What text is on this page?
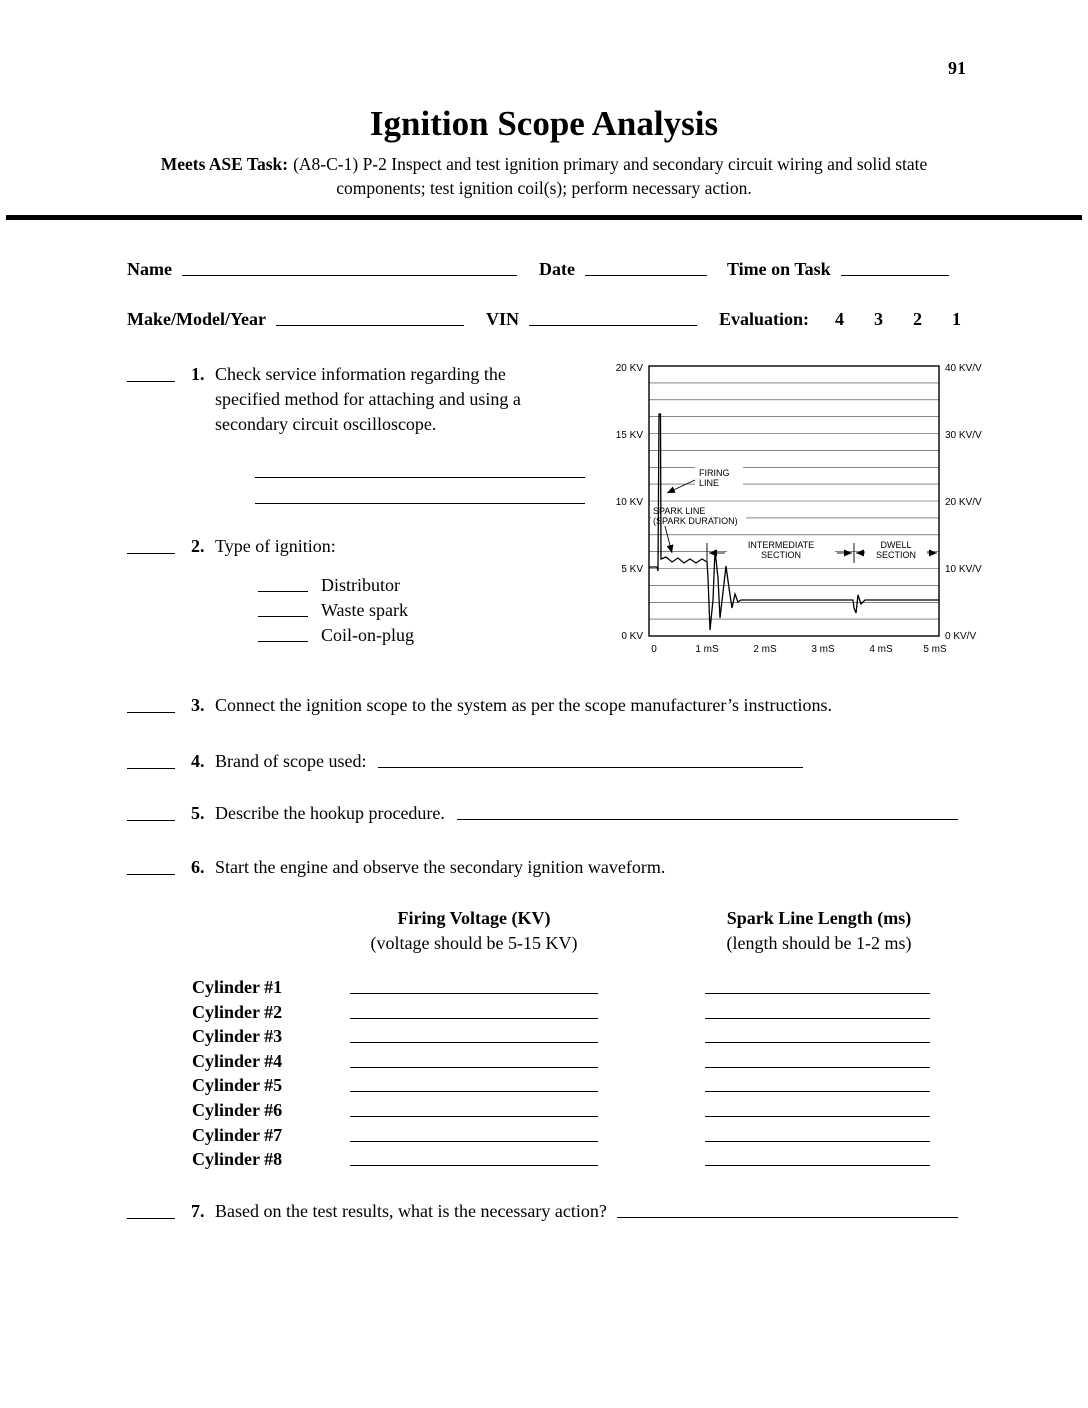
91
Ignition Scope Analysis

Meets ASE Task: (A8-C-1) P-2 Inspect and test ignition primary and secondary circuit wiring and solid state components; test ignition coil(s); perform necessary action.

Name	Date	Time on Task
Make/Model/Year	VIN	Evaluation: 4 3 2 1
1. Check service information regarding the specified method for attaching and using a secondary circuit oscilloscope.
2. Type of ignition:
Distributor
Waste spark
Coil-on-plug
FIRING
LINE
SPARK LINE
(SPARK DURATION)
INTERMEDIATE
SECTION
DWELL
SECTION
20 KV
15 KV
10 KV
5 KV
0 KV
40 KV/V
30 KV/V
20 KV/V
10 KV/V
0 KV/V
0	1 mS	2 mS	3 mS	4 mS	5 mS
3. Connect the ignition scope to the system as per the scope manufacturer’s instructions.
4. Brand of scope used:
5. Describe the hookup procedure.
6. Start the engine and observe the secondary ignition waveform.
Firing Voltage (KV)
(voltage should be 5-15 KV)
Spark Line Length (ms)
(length should be 1-2 ms)
Cylinder #1
Cylinder #2
Cylinder #3
Cylinder #4
Cylinder #5
Cylinder #6
Cylinder #7
Cylinder #8
7. Based on the test results, what is the necessary action?
